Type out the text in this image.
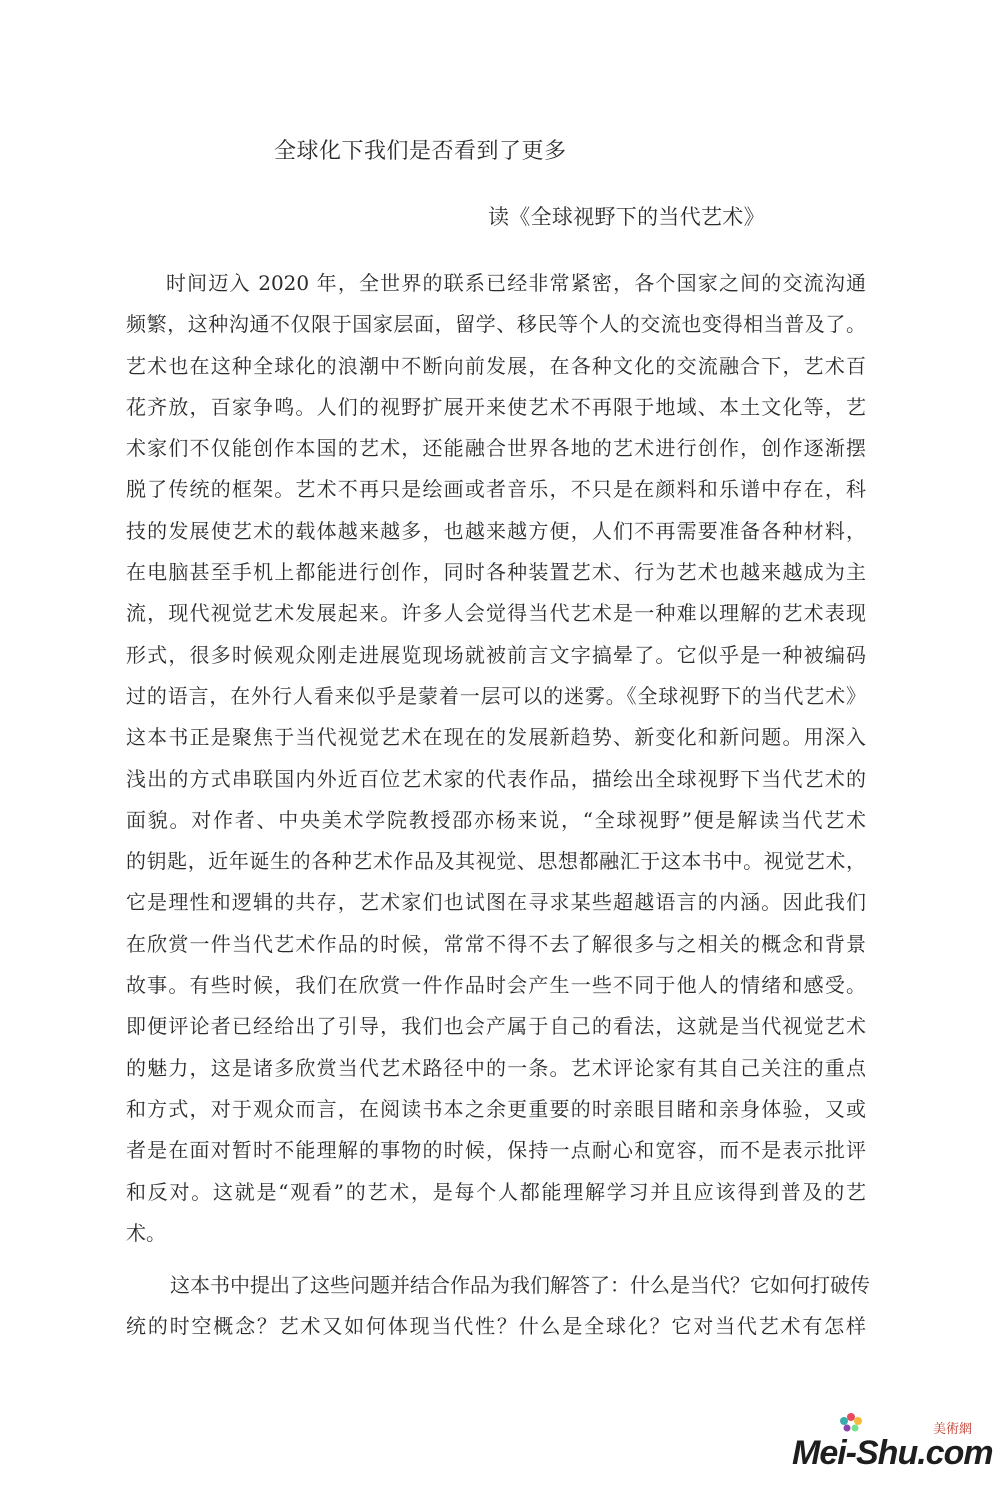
全球化下我们是否看到了更多
读《全球视野下的当代艺术》
时间迈入 2020 年，全世界的联系已经非常紧密，各个国家之间的交流沟通
频繁，这种沟通不仅限于国家层面，留学、移民等个人的交流也变得相当普及了。
艺术也在这种全球化的浪潮中不断向前发展，在各种文化的交流融合下，艺术百
花齐放，百家争鸣。人们的视野扩展开来使艺术不再限于地域、本土文化等，艺
术家们不仅能创作本国的艺术，还能融合世界各地的艺术进行创作，创作逐渐摆
脱了传统的框架。艺术不再只是绘画或者音乐，不只是在颜料和乐谱中存在，科
技的发展使艺术的载体越来越多，也越来越方便，人们不再需要准备各种材料，
在电脑甚至手机上都能进行创作，同时各种装置艺术、行为艺术也越来越成为主
流，现代视觉艺术发展起来。许多人会觉得当代艺术是一种难以理解的艺术表现
形式，很多时候观众刚走进展览现场就被前言文字搞晕了。它似乎是一种被编码
过的语言，在外行人看来似乎是蒙着一层可以的迷雾。《全球视野下的当代艺术》
这本书正是聚焦于当代视觉艺术在现在的发展新趋势、新变化和新问题。用深入
浅出的方式串联国内外近百位艺术家的代表作品，描绘出全球视野下当代艺术的
面貌。对作者、中央美术学院教授邵亦杨来说，“全球视野”便是解读当代艺术
的钥匙，近年诞生的各种艺术作品及其视觉、思想都融汇于这本书中。视觉艺术，
它是理性和逻辑的共存，艺术家们也试图在寻求某些超越语言的内涵。因此我们
在欣赏一件当代艺术作品的时候，常常不得不去了解很多与之相关的概念和背景
故事。有些时候，我们在欣赏一件作品时会产生一些不同于他人的情绪和感受。
即便评论者已经给出了引导，我们也会产属于自己的看法，这就是当代视觉艺术
的魅力，这是诸多欣赏当代艺术路径中的一条。艺术评论家有其自己关注的重点
和方式，对于观众而言，在阅读书本之余更重要的时亲眼目睹和亲身体验，又或
者是在面对暂时不能理解的事物的时候，保持一点耐心和宽容，而不是表示批评
和反对。这就是“观看”的艺术，是每个人都能理解学习并且应该得到普及的艺
术。
这本书中提出了这些问题并结合作品为我们解答了：什么是当代？它如何打破传
统的时空概念？艺术又如何体现当代性？什么是全球化？它对当代艺术有怎样
美術網
Mei-Shu.com
